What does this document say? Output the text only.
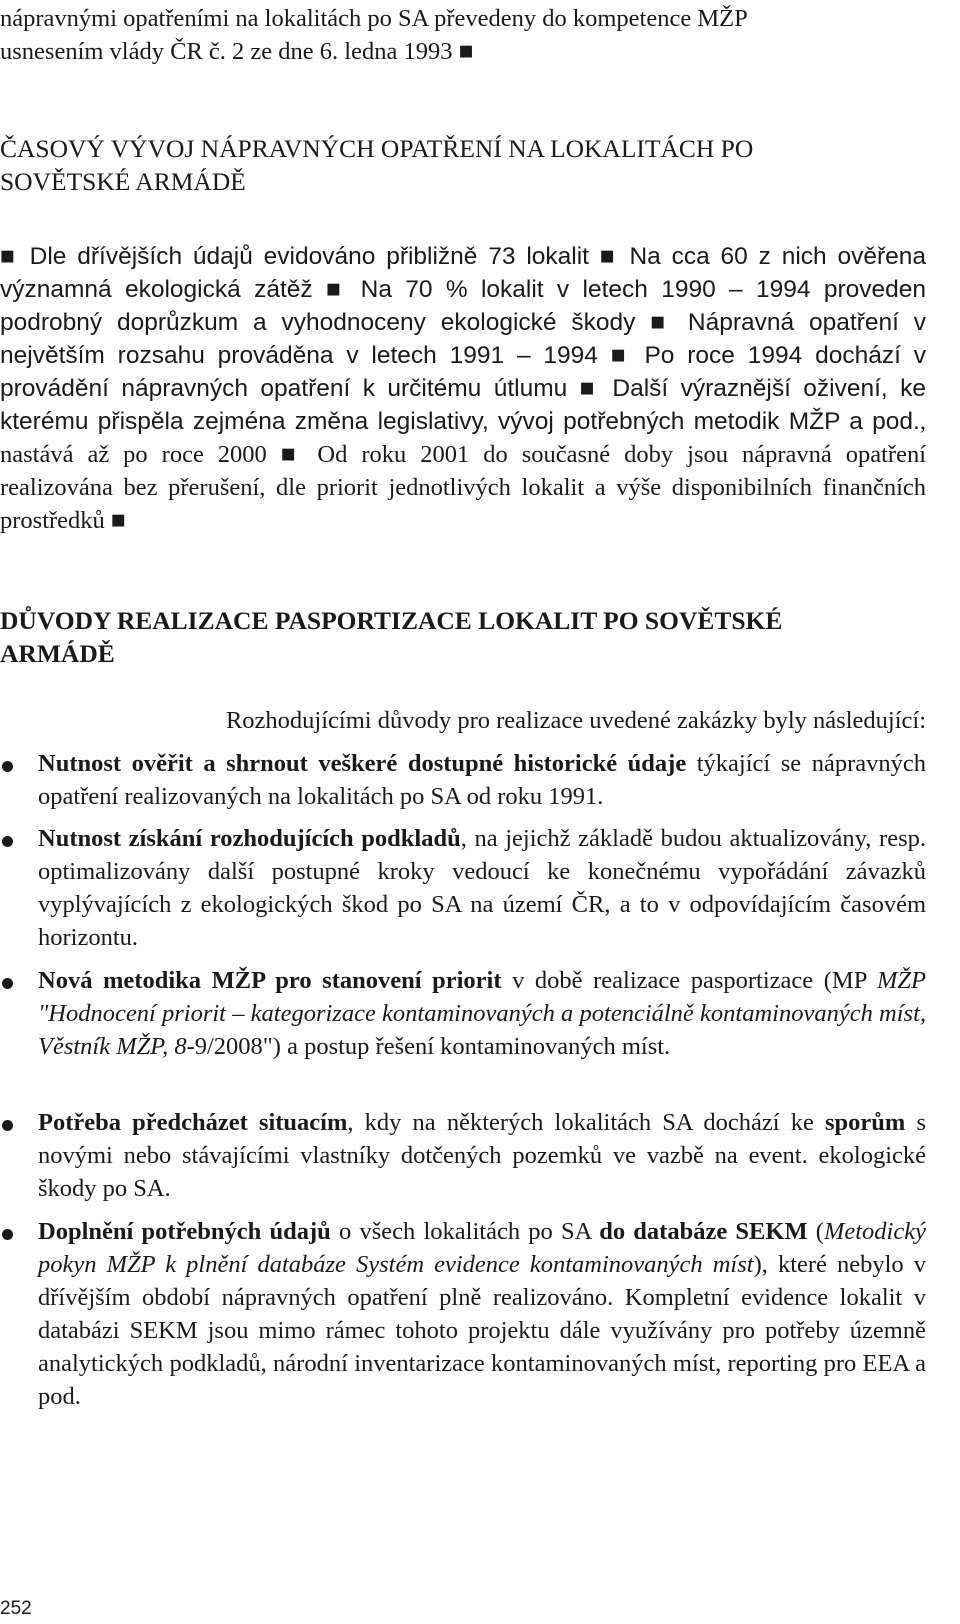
nápravnými opatřeními na lokalitách po SA převedeny do kompetence MŽP
usnesením vlády ČR č. 2 ze dne 6. ledna 1993 ■

ČASOVÝ VÝVOJ NÁPRAVNÝCH OPATŘENÍ NA LOKALITÁCH PO
SOVĚTSKÉ ARMÁDĚ

■ Dle dřívějších údajů evidováno přibližně 73 lokalit ■ Na cca 60 z nich ověřena významná ekologická zátěž ■ Na 70 % lokalit v letech 1990 – 1994 proveden podrobný doprůzkum a vyhodnoceny ekologické škody ■ Nápravná opatření v největším rozsahu prováděna v letech 1991 – 1994 ■ Po roce 1994 dochází v provádění nápravných opatření k určitému útlumu ■ Další výraznější oživení, ke kterému přispěla zejména změna legislativy, vývoj potřebných metodik MŽP a pod., nastává až po roce 2000 ■ Od roku 2001 do současné doby jsou nápravná opatření realizována bez přerušení, dle priorit jednotlivých lokalit a výše disponibilních finančních prostředků ■

DŮVODY REALIZACE PASPORTIZACE LOKALIT PO SOVĚTSKÉ
ARMÁDĚ

Rozhodujícími důvody pro realizace uvedené zakázky byly následující:

Nutnost ověřit a shrnout veškeré dostupné historické údaje týkající se nápravných opatření realizovaných na lokalitách po SA od roku 1991.
Nutnost získání rozhodujících podkladů, na jejichž základě budou aktualizovány, resp. optimalizovány další postupné kroky vedoucí ke konečnému vypořádání závazků vyplývajících z ekologických škod po SA na území ČR, a to v odpovídajícím časovém horizontu.
Nová metodika MŽP pro stanovení priorit v době realizace pasportizace (MP MŽP "Hodnocení priorit – kategorizace kontaminovaných a potenciálně kontaminovaných míst, Věstník MŽP, 8-9/2008") a postup řešení kontaminovaných míst.
Potřeba předcházet situacím, kdy na některých lokalitách SA dochází ke sporům s novými nebo stávajícími vlastníky dotčených pozemků ve vazbě na event. ekologické škody po SA.
Doplnění potřebných údajů o všech lokalitách po SA do databáze SEKM (Metodický pokyn MŽP k plnění databáze Systém evidence kontaminovaných míst), které nebylo v dřívějším období nápravných opatření plně realizováno. Kompletní evidence lokalit v databázi SEKM jsou mimo rámec tohoto projektu dále využívány pro potřeby územně analytických podkladů, národní inventarizace kontaminovaných míst, reporting pro EEA a pod.
252
